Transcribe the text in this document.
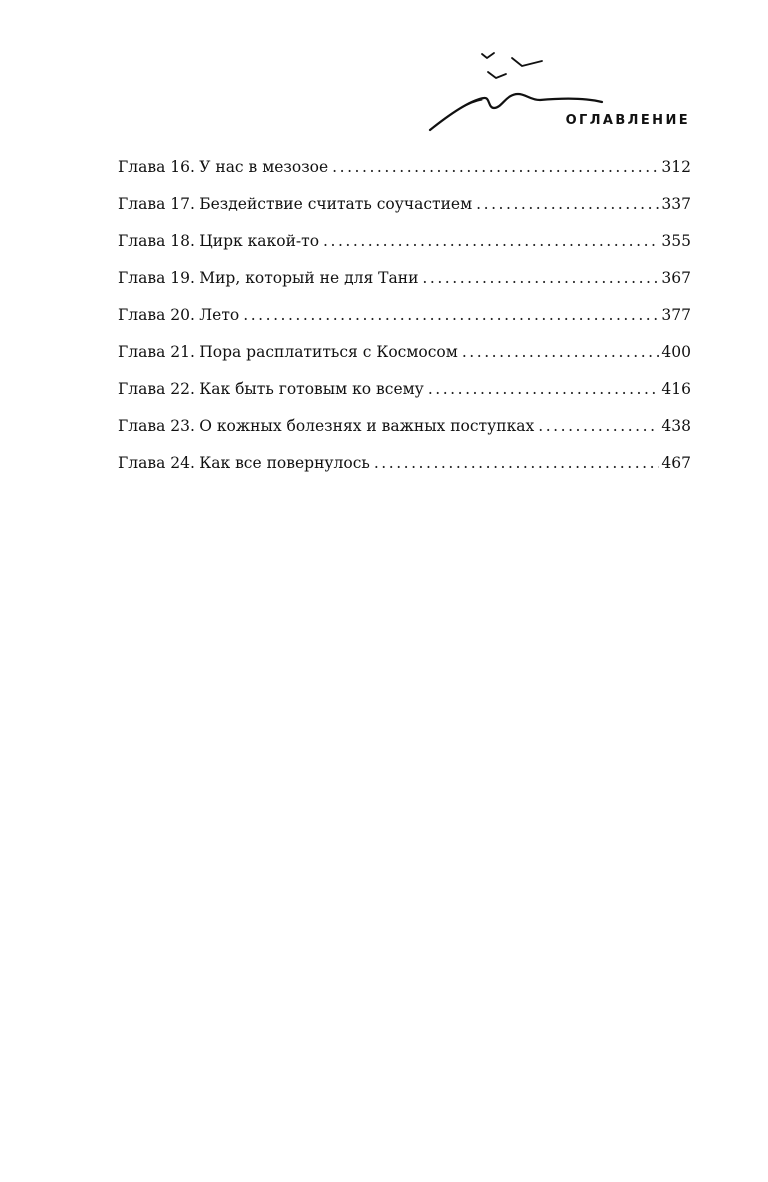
ОГЛАВЛЕНИЕ
Глава 16. У нас в мезозое . . .	312
Глава 17. Бездействие считать соучастием . . .	337
Глава 18. Цирк какой-то . . .	355
Глава 19. Мир, который не для Тани . . .	367
Глава 20. Лето . . .	377
Глава 21. Пора расплатиться с Космосом . . .	400
Глава 22. Как быть готовым ко всему . . .	416
Глава 23. О кожных болезнях и важных поступках . . .	438
Глава 24. Как все повернулось . . .	467
